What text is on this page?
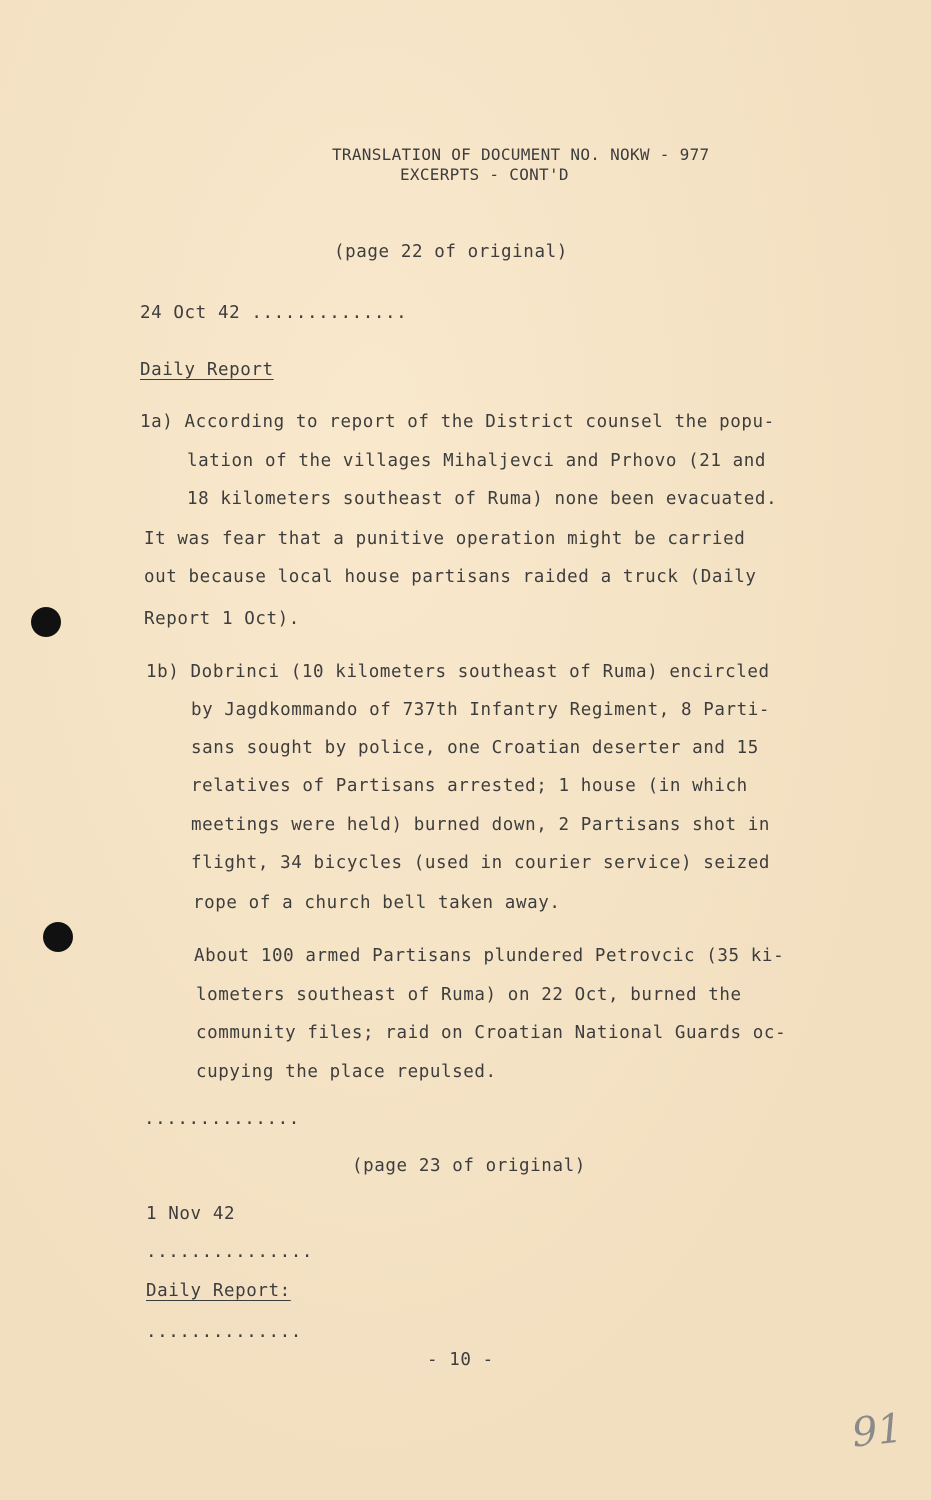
TRANSLATION OF DOCUMENT NO. NOKW - 977
EXCERPTS - CONT'D
(page 22 of original)
24 Oct 42 ..............
Daily Report
1a) According to report of the District counsel the popu-
lation of the villages Mihaljevci and Prhovo (21 and
18 kilometers southeast of Ruma) none been evacuated.
It was fear that a punitive operation might be carried
out because local house partisans raided a truck (Daily
Report 1 Oct).
1b) Dobrinci (10 kilometers southeast of Ruma) encircled
by Jagdkommando of 737th Infantry Regiment, 8 Parti-
sans sought by police, one Croatian deserter and 15
relatives of Partisans arrested; 1 house (in which
meetings were held) burned down, 2 Partisans shot in
flight, 34 bicycles (used in courier service) seized
rope of a church bell taken away.
About 100 armed Partisans plundered Petrovcic (35 ki-
lometers southeast of Ruma) on 22 Oct, burned the
community files; raid on Croatian National Guards oc-
cupying the place repulsed.
..............
(page 23 of original)
1 Nov 42
...............
Daily Report:
..............
- 10 -
91
